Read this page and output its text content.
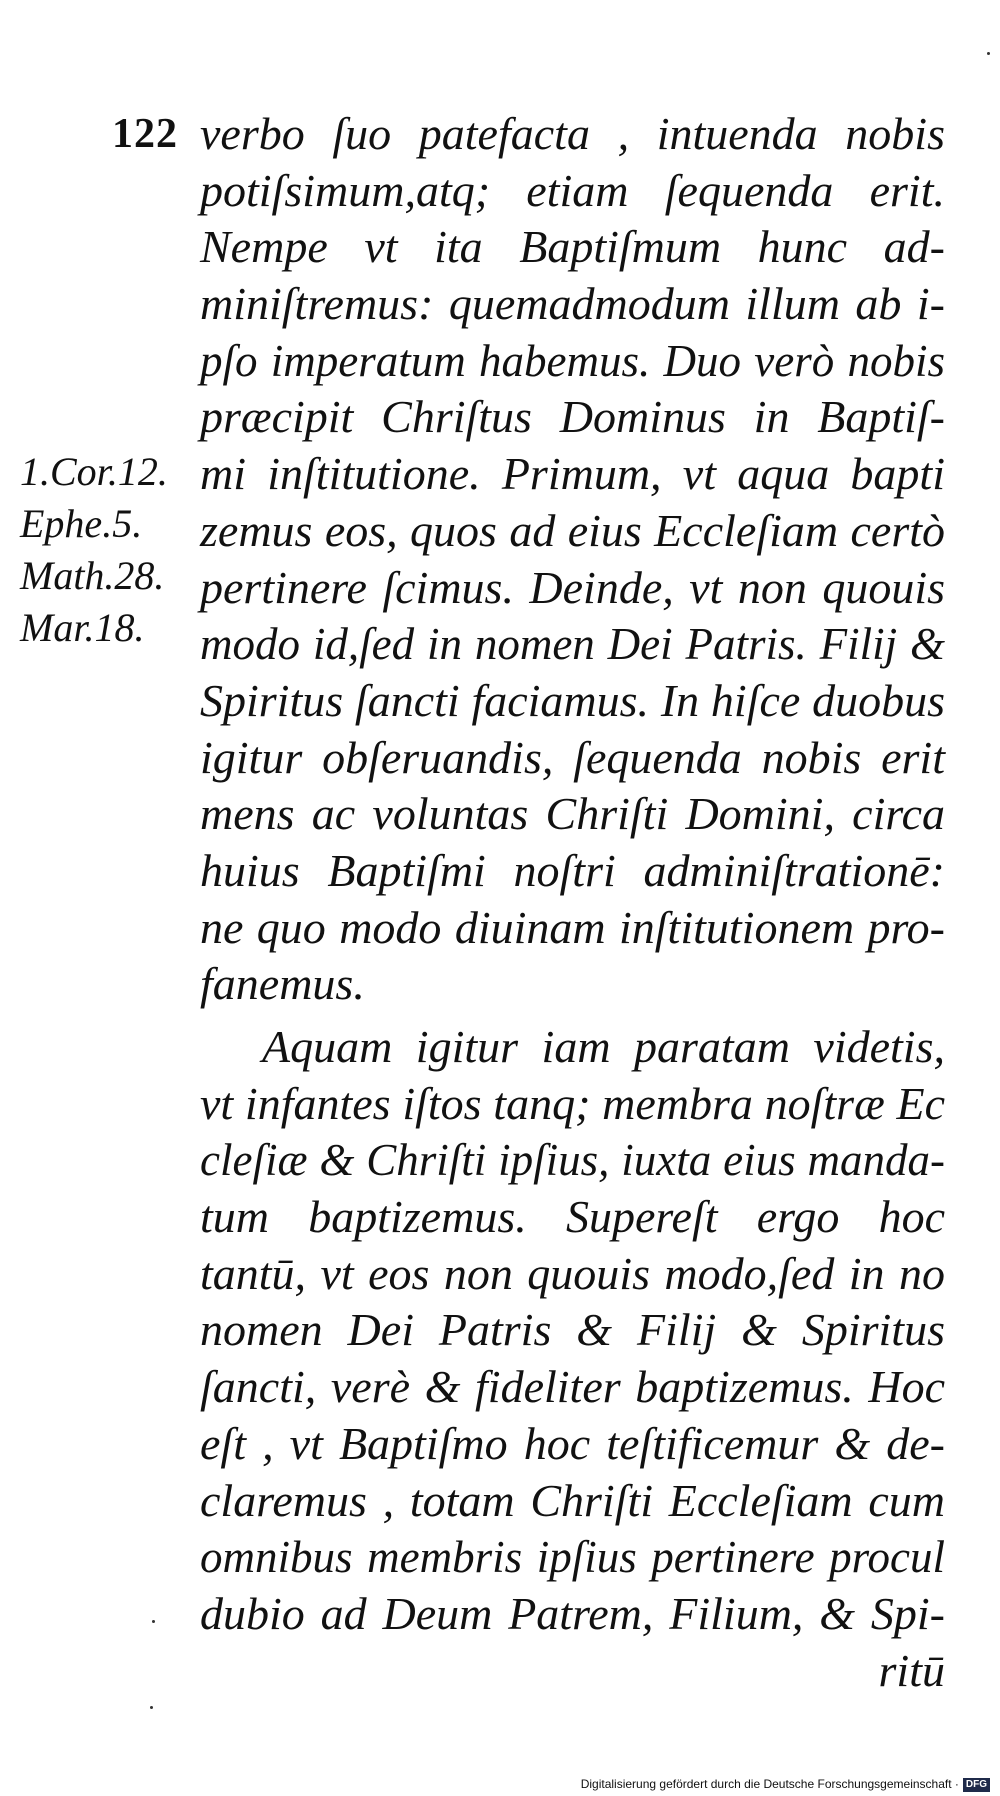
122
1.Cor.12.
Ephe.5.
Math.28.
Mar.18.
verbo ſuo patefacta , intuenda nobis
potiſsimum,atq; etiam ſequenda erit.
Nempe vt ita Baptiſmum hunc ad-
miniſtremus: quemadmodum illum ab i-
pſo imperatum habemus. Duo verò nobis
præcipit Chriſtus Dominus in Baptiſ-
mi inſtitutione. Primum, vt aqua bapti
zemus eos, quos ad eius Eccleſiam certò
pertinere ſcimus. Deinde, vt non quouis
modo id,ſed in nomen Dei Patris. Filij &
Spiritus ſancti faciamus. In hiſce duobus
igitur obſeruandis, ſequenda nobis erit
mens ac voluntas Chriſti Domini, circa
huius Baptiſmi noſtri adminiſtrationē:
ne quo modo diuinam inſtitutionem pro-
fanemus.
Aquam igitur iam paratam videtis,
vt infantes iſtos tanq; membra noſtræ Ec
cleſiæ & Chriſti ipſius, iuxta eius manda-
tum baptizemus. Supereſt ergo hoc
tantū, vt eos non quouis modo,ſed in no
nomen Dei Patris & Filij & Spiritus
ſancti, verè & fideliter baptizemus. Hoc
eſt , vt Baptiſmo hoc teſtificemur & de-
claremus , totam Chriſti Eccleſiam cum
omnibus membris ipſius pertinere procul
dubio ad Deum Patrem, Filium, & Spi-
ritū
Digitalisierung gefördert durch die Deutsche Forschungsgemeinschaft · DFG
